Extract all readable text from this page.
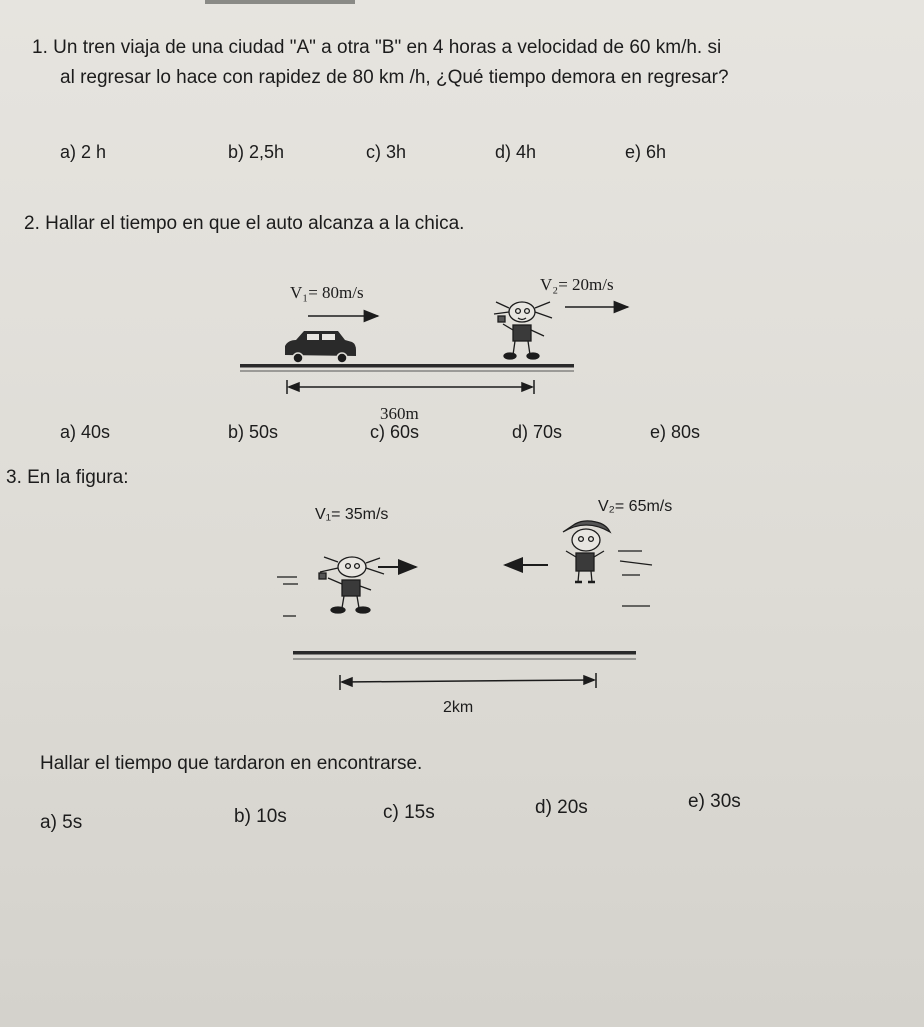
1. Un tren viaja de una ciudad "A" a otra "B" en 4 horas a velocidad de 60 km/h. si
al regresar lo hace con rapidez de 80 km /h, ¿Qué tiempo demora en regresar?
a) 2 h	b) 2,5h	c) 3h	d) 4h	e) 6h
2. Hallar el tiempo en que el auto alcanza a la chica.
V₁= 80m/s	V₂= 20m/s
360m
a) 40s	b) 50s	c) 60s	d) 70s	e) 80s
3. En la figura:
V₁= 35m/s	V₂= 65m/s
2km
Hallar el tiempo que tardaron en encontrarse.
a) 5s	b) 10s	c) 15s	d) 20s	e) 30s
